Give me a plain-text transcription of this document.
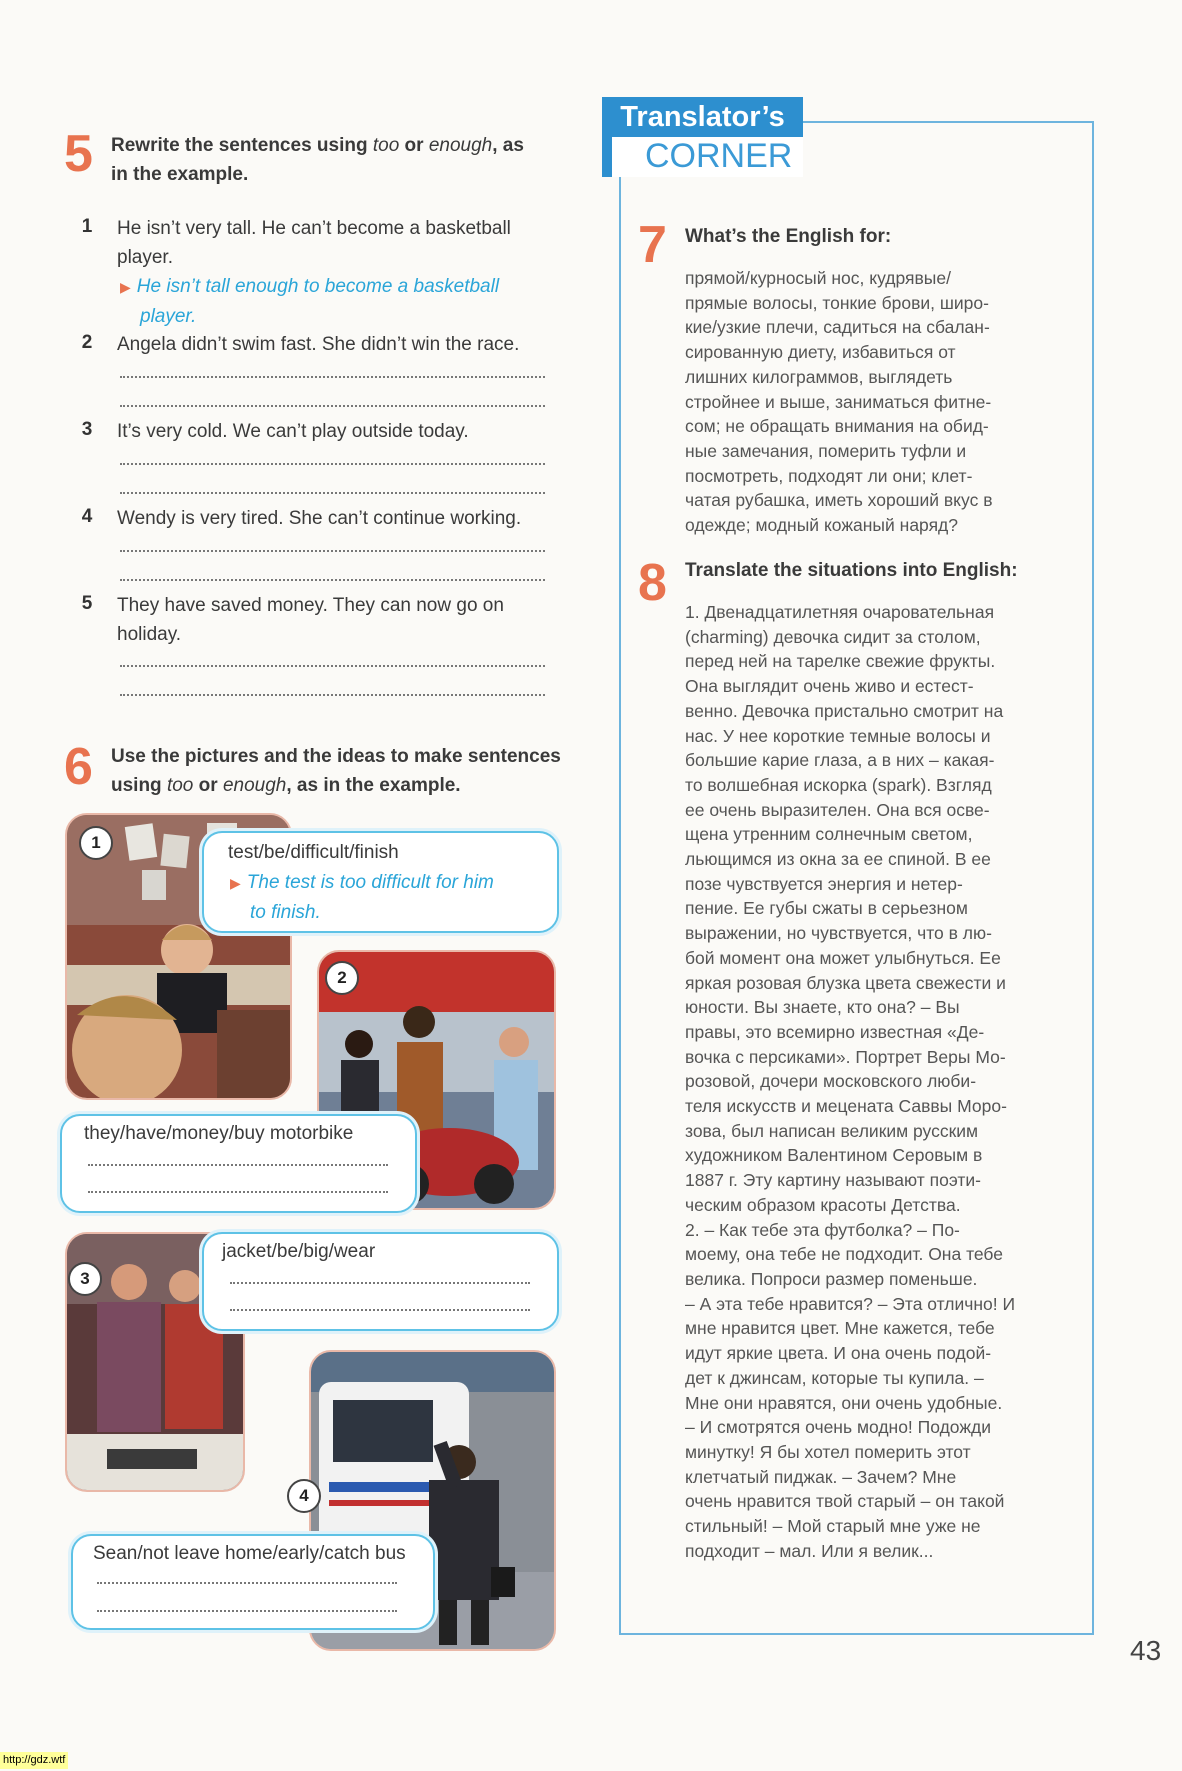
5 Rewrite the sentences using too or enough, as
in the example.
1 He isn’t very tall. He can’t become a basketball
player.
▶ He isn’t tall enough to become a basketball
player.
2 Angela didn’t swim fast. She didn’t win the race.
3 It’s very cold. We can’t play outside today.
4 Wendy is very tired. She can’t continue working.
5 They have saved money. They can now go on
holiday.
6 Use the pictures and the ideas to make sentences
using too or enough, as in the example.
1	test/be/difficult/finish
▶ The test is too difficult for him
to finish.
2
they/have/money/buy motorbike
3
jacket/be/big/wear
4
Sean/not leave home/early/catch bus
Translator’s
CORNER
7 What’s the English for:
прямой/курносый нос, кудрявые/
прямые волосы, тонкие брови, широ-
кие/узкие плечи, садиться на сбалан-
сированную диету, избавиться от
лишних килограммов, выглядеть
стройнее и выше, заниматься фитне-
сом; не обращать внимания на обид-
ные замечания, померить туфли и
посмотреть, подходят ли они; клет-
чатая рубашка, иметь хороший вкус в
одежде; модный кожаный наряд?
8 Translate the situations into English:
1. Двенадцатилетняя очаровательная
(charming) девочка сидит за столом,
перед ней на тарелке свежие фрукты.
Она выглядит очень живо и естест-
венно. Девочка пристально смотрит на
нас. У нее короткие темные волосы и
большие карие глаза, а в них – какая-
то волшебная искорка (spark). Взгляд
ее очень выразителен. Она вся осве-
щена утренним солнечным светом,
льющимся из окна за ее спиной. В ее
позе чувствуется энергия и нетер-
пение. Ее губы сжаты в серьезном
выражении, но чувствуется, что в лю-
бой момент она может улыбнуться. Ее
яркая розовая блузка цвета свежести и
юности. Вы знаете, кто она? – Вы
правы, это всемирно известная «Де-
вочка с персиками». Портрет Веры Мо-
розовой, дочери московского люби-
теля искусств и мецената Саввы Моро-
зова, был написан великим русским
художником Валентином Серовым в
1887 г. Эту картину называют поэти-
ческим образом красоты Детства.
2. – Как тебе эта футболка? – По-
моему, она тебе не подходит. Она тебе
велика. Попроси размер поменьше.
– А эта тебе нравится? – Эта отлично! И
мне нравится цвет. Мне кажется, тебе
идут яркие цвета. И она очень подой-
дет к джинсам, которые ты купила. –
Мне они нравятся, они очень удобные.
– И смотрятся очень модно! Подожди
минутку! Я бы хотел померить этот
клетчатый пиджак. – Зачем? Мне
очень нравится твой старый – он такой
стильный! – Мой старый мне уже не
подходит – мал. Или я велик...
43
http://gdz.wtf
